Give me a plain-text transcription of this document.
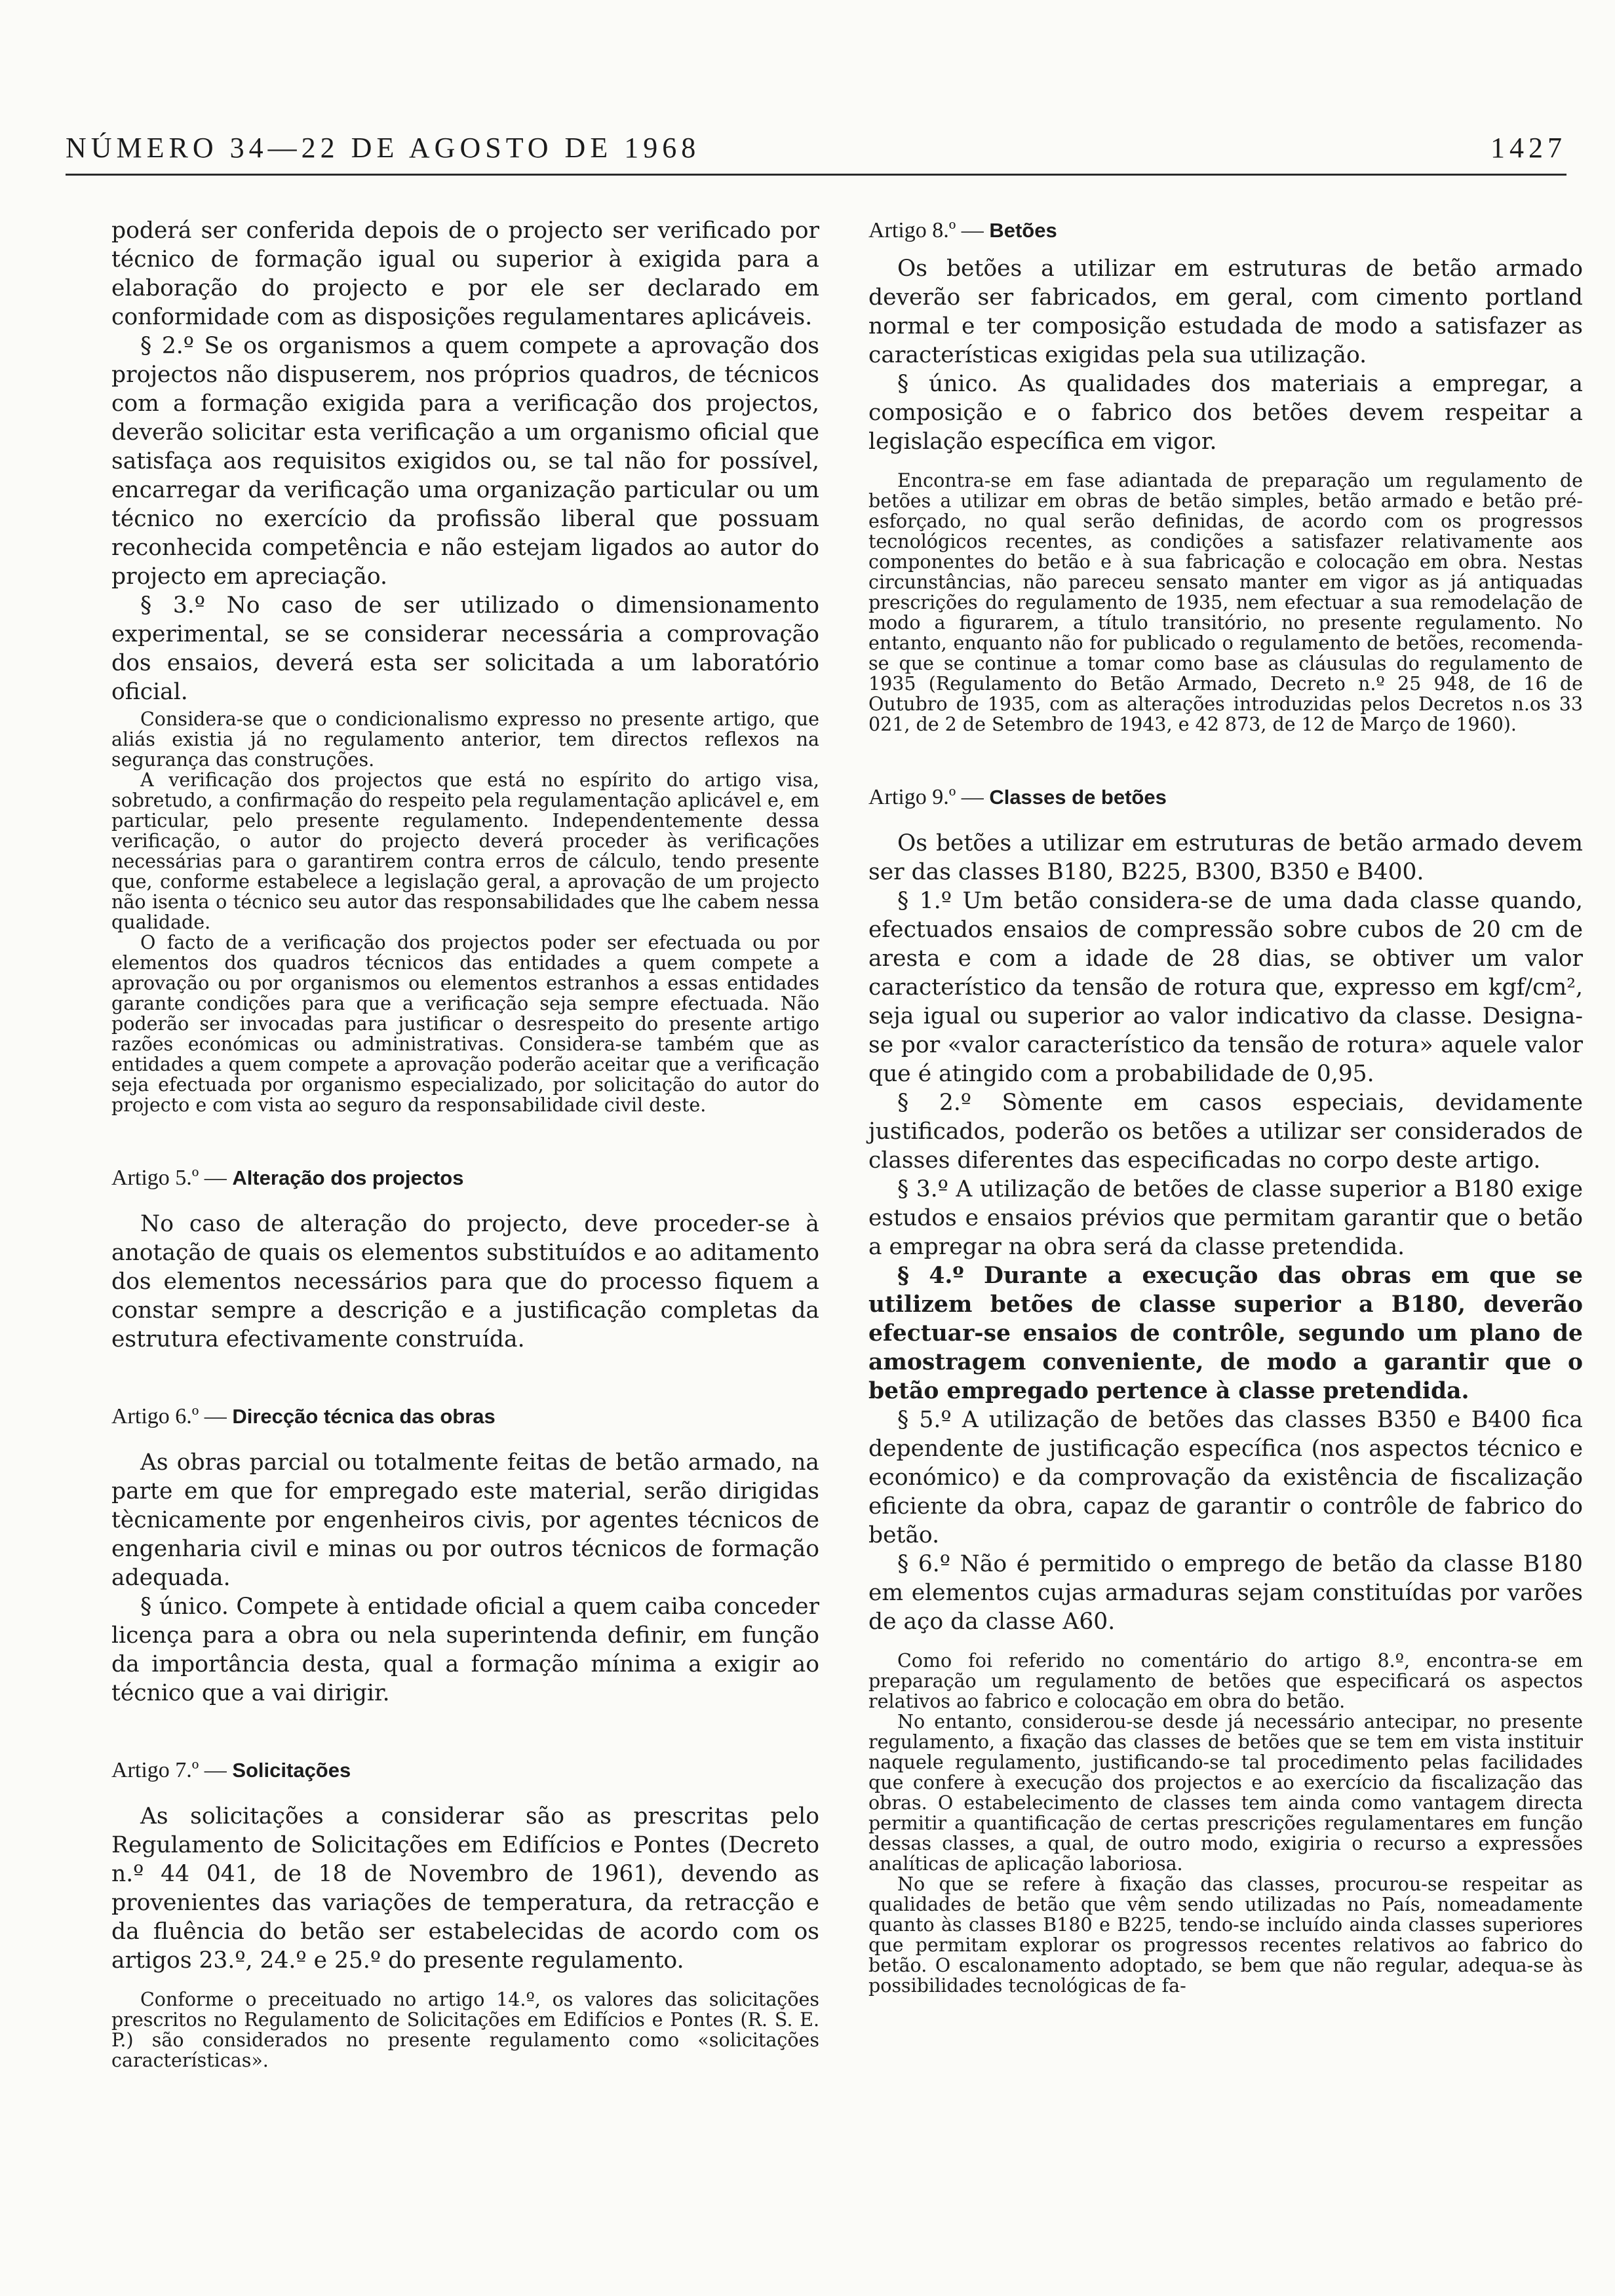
NÚMERO 34—22 DE AGOSTO DE 1968	1427

poderá ser conferida depois de o projecto ser verificado por técnico de formação igual ou superior à exigida para a elaboração do projecto e por ele ser declarado em conformidade com as disposições regulamentares aplicáveis.

§ 2.º Se os organismos a quem compete a aprovação dos projectos não dispuserem, nos próprios quadros, de técnicos com a formação exigida para a verificação dos projectos, deverão solicitar esta verificação a um organismo oficial que satisfaça aos requisitos exigidos ou, se tal não for possível, encarregar da verificação uma organização particular ou um técnico no exercício da profissão liberal que possuam reconhecida competência e não estejam ligados ao autor do projecto em apreciação.

§ 3.º No caso de ser utilizado o dimensionamento experimental, se se considerar necessária a comprovação dos ensaios, deverá esta ser solicitada a um laboratório oficial.

Considera-se que o condicionalismo expresso no presente artigo, que aliás existia já no regulamento anterior, tem directos reflexos na segurança das construções.

A verificação dos projectos que está no espírito do artigo visa, sobretudo, a confirmação do respeito pela regulamentação aplicável e, em particular, pelo presente regulamento. Independentemente dessa verificação, o autor do projecto deverá proceder às verificações necessárias para o garantirem contra erros de cálculo, tendo presente que, conforme estabelece a legislação geral, a aprovação de um projecto não isenta o técnico seu autor das responsabilidades que lhe cabem nessa qualidade.

O facto de a verificação dos projectos poder ser efectuada ou por elementos dos quadros técnicos das entidades a quem compete a aprovação ou por organismos ou elementos estranhos a essas entidades garante condições para que a verificação seja sempre efectuada. Não poderão ser invocadas para justificar o desrespeito do presente artigo razões económicas ou administrativas. Considera-se também que as entidades a quem compete a aprovação poderão aceitar que a verificação seja efectuada por organismo especializado, por solicitação do autor do projecto e com vista ao seguro da responsabilidade civil deste.

Artigo 5.º — Alteração dos projectos

No caso de alteração do projecto, deve proceder-se à anotação de quais os elementos substituídos e ao aditamento dos elementos necessários para que do processo fiquem a constar sempre a descrição e a justificação completas da estrutura efectivamente construída.

Artigo 6.º — Direcção técnica das obras

As obras parcial ou totalmente feitas de betão armado, na parte em que for empregado este material, serão dirigidas tècnicamente por engenheiros civis, por agentes técnicos de engenharia civil e minas ou por outros técnicos de formação adequada.

§ único. Compete à entidade oficial a quem caiba conceder licença para a obra ou nela superintenda definir, em função da importância desta, qual a formação mínima a exigir ao técnico que a vai dirigir.

Artigo 7.º — Solicitações

As solicitações a considerar são as prescritas pelo Regulamento de Solicitações em Edifícios e Pontes (Decreto n.º 44 041, de 18 de Novembro de 1961), devendo as provenientes das variações de temperatura, da retracção e da fluência do betão ser estabelecidas de acordo com os artigos 23.º, 24.º e 25.º do presente regulamento.

Conforme o preceituado no artigo 14.º, os valores das solicitações prescritos no Regulamento de Solicitações em Edifícios e Pontes (R. S. E. P.) são considerados no presente regulamento como «solicitações características».

Artigo 8.º — Betões

Os betões a utilizar em estruturas de betão armado deverão ser fabricados, em geral, com cimento portland normal e ter composição estudada de modo a satisfazer as características exigidas pela sua utilização.

§ único. As qualidades dos materiais a empregar, a composição e o fabrico dos betões devem respeitar a legislação específica em vigor.

Encontra-se em fase adiantada de preparação um regulamento de betões a utilizar em obras de betão simples, betão armado e betão pré-esforçado, no qual serão definidas, de acordo com os progressos tecnológicos recentes, as condições a satisfazer relativamente aos componentes do betão e à sua fabricação e colocação em obra. Nestas circunstâncias, não pareceu sensato manter em vigor as já antiquadas prescrições do regulamento de 1935, nem efectuar a sua remodelação de modo a figurarem, a título transitório, no presente regulamento. No entanto, enquanto não for publicado o regulamento de betões, recomenda-se que se continue a tomar como base as cláusulas do regulamento de 1935 (Regulamento do Betão Armado, Decreto n.º 25 948, de 16 de Outubro de 1935, com as alterações introduzidas pelos Decretos n.os 33 021, de 2 de Setembro de 1943, e 42 873, de 12 de Março de 1960).

Artigo 9.º — Classes de betões

Os betões a utilizar em estruturas de betão armado devem ser das classes B180, B225, B300, B350 e B400.

§ 1.º Um betão considera-se de uma dada classe quando, efectuados ensaios de compressão sobre cubos de 20 cm de aresta e com a idade de 28 dias, se obtiver um valor característico da tensão de rotura que, expresso em kgf/cm², seja igual ou superior ao valor indicativo da classe. Designa-se por «valor característico da tensão de rotura» aquele valor que é atingido com a probabilidade de 0,95.

§ 2.º Sòmente em casos especiais, devidamente justificados, poderão os betões a utilizar ser considerados de classes diferentes das especificadas no corpo deste artigo.

§ 3.º A utilização de betões de classe superior a B180 exige estudos e ensaios prévios que permitam garantir que o betão a empregar na obra será da classe pretendida.

§ 4.º Durante a execução das obras em que se utilizem betões de classe superior a B180, deverão efectuar-se ensaios de contrôle, segundo um plano de amostragem conveniente, de modo a garantir que o betão empregado pertence à classe pretendida.

§ 5.º A utilização de betões das classes B350 e B400 fica dependente de justificação específica (nos aspectos técnico e económico) e da comprovação da existência de fiscalização eficiente da obra, capaz de garantir o contrôle de fabrico do betão.

§ 6.º Não é permitido o emprego de betão da classe B180 em elementos cujas armaduras sejam constituídas por varões de aço da classe A60.

Como foi referido no comentário do artigo 8.º, encontra-se em preparação um regulamento de betões que especificará os aspectos relativos ao fabrico e colocação em obra do betão.

No entanto, considerou-se desde já necessário antecipar, no presente regulamento, a fixação das classes de betões que se tem em vista instituir naquele regulamento, justificando-se tal procedimento pelas facilidades que confere à execução dos projectos e ao exercício da fiscalização das obras. O estabelecimento de classes tem ainda como vantagem directa permitir a quantificação de certas prescrições regulamentares em função dessas classes, a qual, de outro modo, exigiria o recurso a expressões analíticas de aplicação laboriosa.

No que se refere à fixação das classes, procurou-se respeitar as qualidades de betão que vêm sendo utilizadas no País, nomeadamente quanto às classes B180 e B225, tendo-se incluído ainda classes superiores que permitam explorar os progressos recentes relativos ao fabrico do betão. O escalonamento adoptado, se bem que não regular, adequa-se às possibilidades tecnológicas de fa-
